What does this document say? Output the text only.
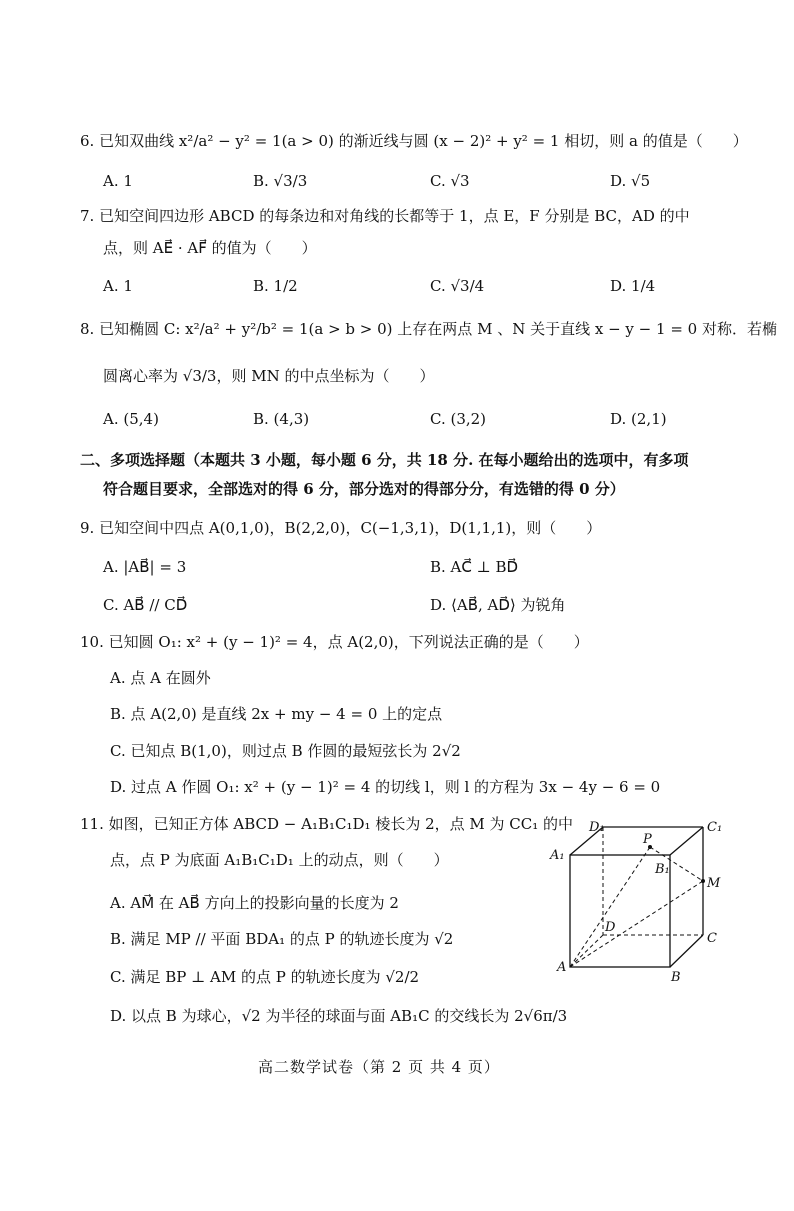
6. 已知双曲线 x²/a² − y² = 1(a > 0) 的渐近线与圆 (x − 2)² + y² = 1 相切，则 a 的值是（　　）
A. 1	B. √3/3	C. √3	D. √5
7. 已知空间四边形 ABCD 的每条边和对角线的长都等于 1，点 E，F 分别是 BC，AD 的中
点，则 AE⃗ · AF⃗ 的值为（　　）
A. 1	B. 1/2	C. √3/4	D. 1/4
8. 已知椭圆 C: x²/a² + y²/b² = 1(a > b > 0) 上存在两点 M 、N 关于直线 x − y − 1 = 0 对称．若椭
圆离心率为 √3/3，则 MN 的中点坐标为（　　）
A. (5,4)	B. (4,3)	C. (3,2)	D. (2,1)
二、多项选择题（本题共 3 小题，每小题 6 分，共 18 分. 在每小题给出的选项中，有多项
符合题目要求，全部选对的得 6 分，部分选对的得部分分，有选错的得 0 分）
9. 已知空间中四点 A(0,1,0)，B(2,2,0)，C(−1,3,1)，D(1,1,1)，则（　　）
A. |AB⃗| = 3	B. AC⃗ ⊥ BD⃗
C. AB⃗ // CD⃗	D. ⟨AB⃗, AD⃗⟩ 为锐角
10. 已知圆 O₁: x² + (y − 1)² = 4，点 A(2,0)，下列说法正确的是（　　）
A. 点 A 在圆外
B. 点 A(2,0) 是直线 2x + my − 4 = 0 上的定点
C. 已知点 B(1,0)，则过点 B 作圆的最短弦长为 2√2
D. 过点 A 作圆 O₁: x² + (y − 1)² = 4 的切线 l，则 l 的方程为 3x − 4y − 6 = 0
11. 如图，已知正方体 ABCD − A₁B₁C₁D₁ 棱长为 2，点 M 为 CC₁ 的中
点，点 P 为底面 A₁B₁C₁D₁ 上的动点，则（　　）
A. AM⃗ 在 AB⃗ 方向上的投影向量的长度为 2
B. 满足 MP // 平面 BDA₁ 的点 P 的轨迹长度为 √2
C. 满足 BP ⊥ AM 的点 P 的轨迹长度为 √2/2
D. 以点 B 为球心，√2 为半径的球面与面 AB₁C 的交线长为 2√6π/3
D₁	C₁
A₁
B₁
P
M
D
C
A
B
高二数学试卷（第 2 页 共 4 页）
